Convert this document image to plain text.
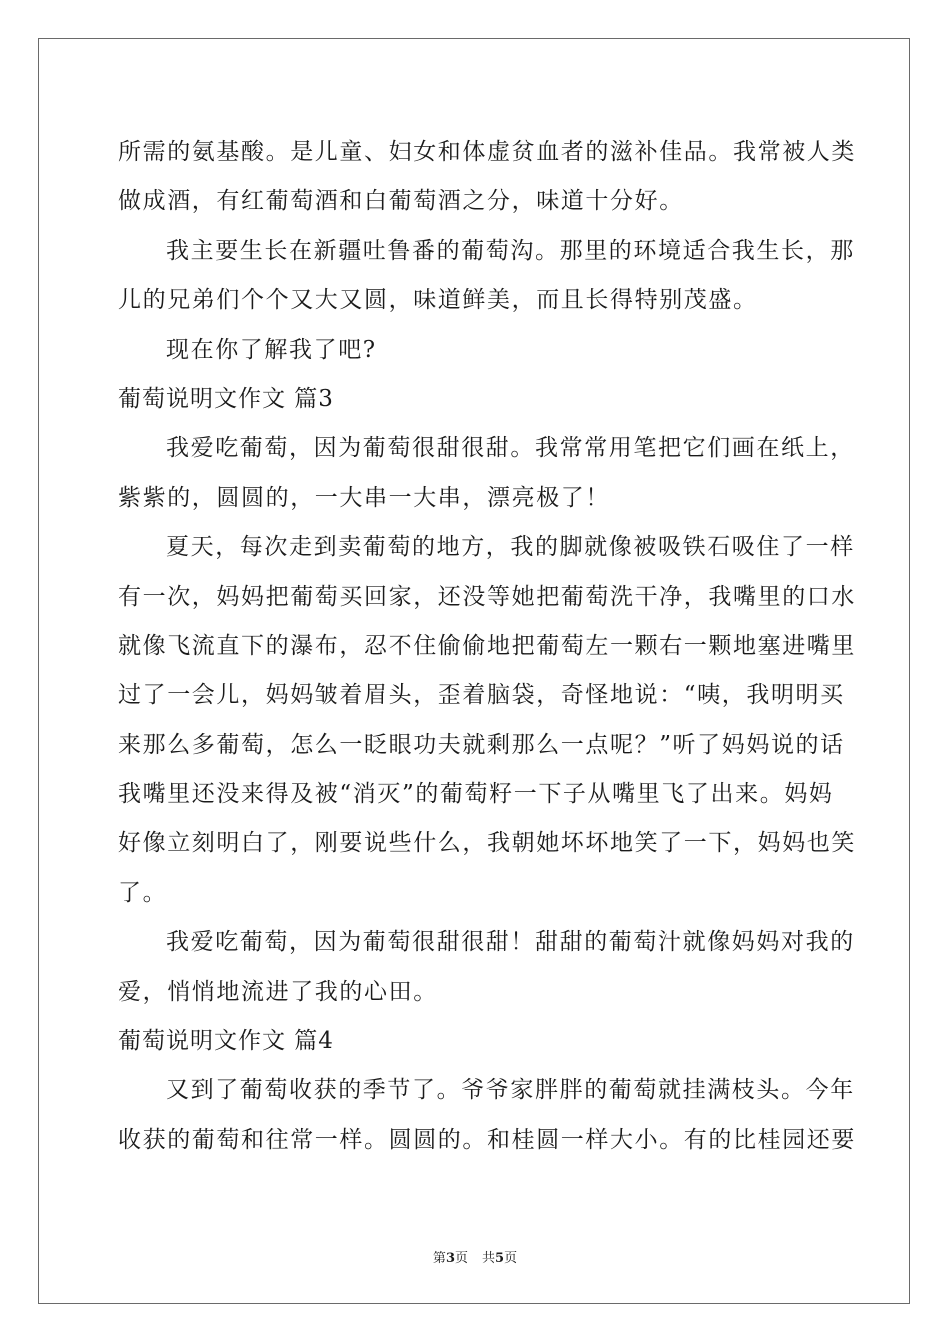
所需的氨基酸。是儿童、妇女和体虚贫血者的滋补佳品。我常被人类
做成酒，有红葡萄酒和白葡萄酒之分，味道十分好。
我主要生长在新疆吐鲁番的葡萄沟。那里的环境适合我生长，那
儿的兄弟们个个又大又圆，味道鲜美，而且长得特别茂盛。
现在你了解我了吧?
葡萄说明文作文 篇3
我爱吃葡萄，因为葡萄很甜很甜。我常常用笔把它们画在纸上，
紫紫的，圆圆的，一大串一大串，漂亮极了！
夏天，每次走到卖葡萄的地方，我的脚就像被吸铁石吸住了一样
有一次，妈妈把葡萄买回家，还没等她把葡萄洗干净，我嘴里的口水
就像飞流直下的瀑布，忍不住偷偷地把葡萄左一颗右一颗地塞进嘴里
过了一会儿，妈妈皱着眉头，歪着脑袋，奇怪地说：“咦，我明明买
来那么多葡萄，怎么一眨眼功夫就剩那么一点呢？”听了妈妈说的话
我嘴里还没来得及被“消灭”的葡萄籽一下子从嘴里飞了出来。妈妈
好像立刻明白了，刚要说些什么，我朝她坏坏地笑了一下，妈妈也笑
了。
我爱吃葡萄，因为葡萄很甜很甜！甜甜的葡萄汁就像妈妈对我的
爱，悄悄地流进了我的心田。
葡萄说明文作文 篇4
又到了葡萄收获的季节了。爷爷家胖胖的葡萄就挂满枝头。今年
收获的葡萄和往常一样。圆圆的。和桂圆一样大小。有的比桂园还要
第3页 共5页
